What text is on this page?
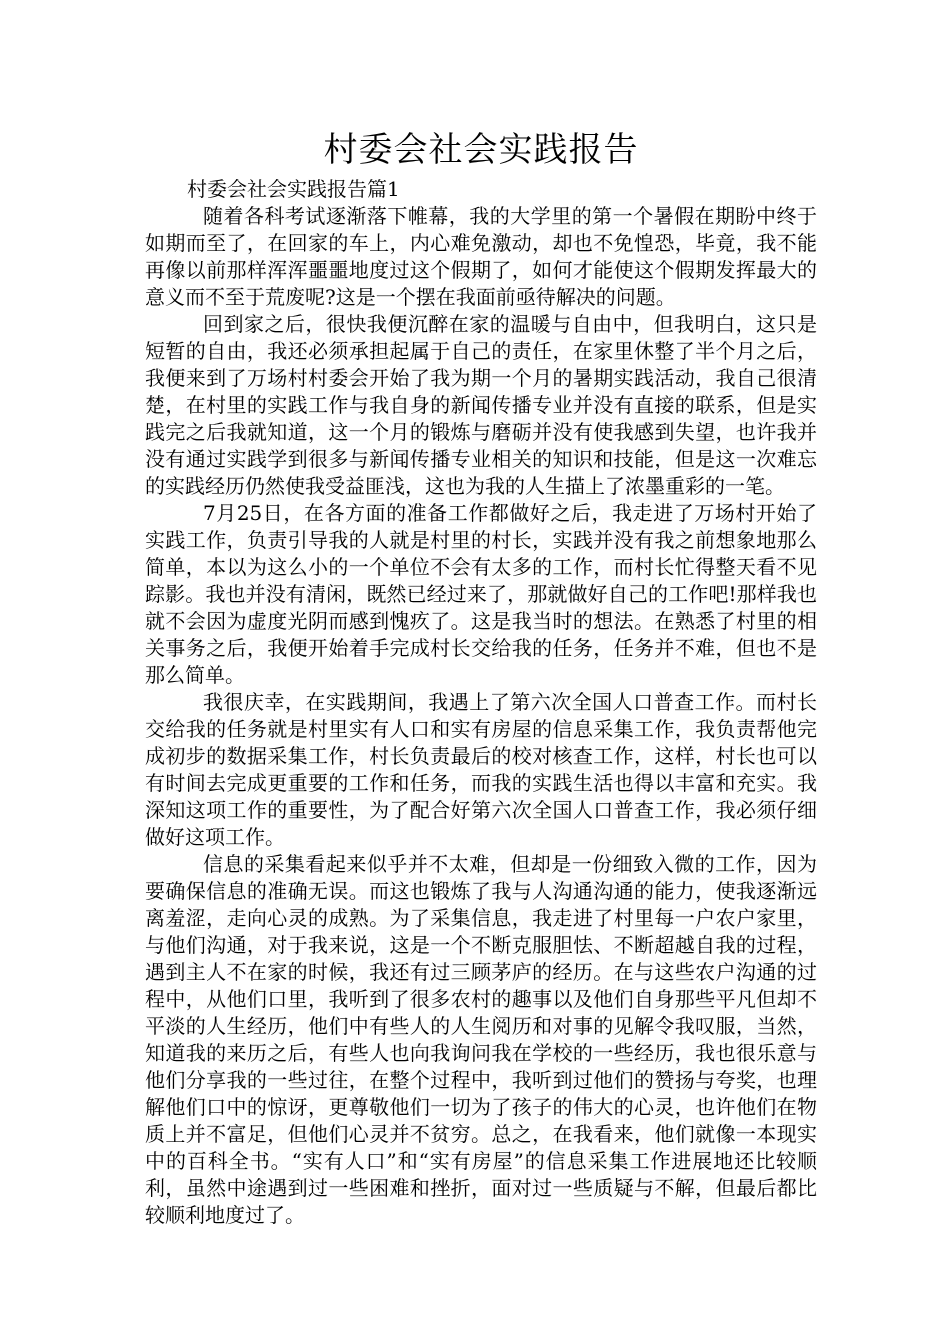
村委会社会实践报告

村委会社会实践报告篇1

随着各科考试逐渐落下帷幕，我的大学里的第一个暑假在期盼中终于如期而至了，在回家的车上，内心难免激动，却也不免惶恐，毕竟，我不能再像以前那样浑浑噩噩地度过这个假期了，如何才能使这个假期发挥最大的意义而不至于荒废呢?这是一个摆在我面前亟待解决的问题。

回到家之后，很快我便沉醉在家的温暖与自由中，但我明白，这只是短暂的自由，我还必须承担起属于自己的责任，在家里休整了半个月之后，我便来到了万场村村委会开始了我为期一个月的暑期实践活动，我自己很清楚，在村里的实践工作与我自身的新闻传播专业并没有直接的联系，但是实践完之后我就知道，这一个月的锻炼与磨砺并没有使我感到失望，也许我并没有通过实践学到很多与新闻传播专业相关的知识和技能，但是这一次难忘的实践经历仍然使我受益匪浅，这也为我的人生描上了浓墨重彩的一笔。

7月25日，在各方面的准备工作都做好之后，我走进了万场村开始了实践工作，负责引导我的人就是村里的村长，实践并没有我之前想象地那么简单，本以为这么小的一个单位不会有太多的工作，而村长忙得整天看不见踪影。我也并没有清闲，既然已经过来了，那就做好自己的工作吧!那样我也就不会因为虚度光阴而感到愧疚了。这是我当时的想法。在熟悉了村里的相关事务之后，我便开始着手完成村长交给我的任务，任务并不难，但也不是那么简单。

我很庆幸，在实践期间，我遇上了第六次全国人口普查工作。而村长交给我的任务就是村里实有人口和实有房屋的信息采集工作，我负责帮他完成初步的数据采集工作，村长负责最后的校对核查工作，这样，村长也可以有时间去完成更重要的工作和任务，而我的实践生活也得以丰富和充实。我深知这项工作的重要性，为了配合好第六次全国人口普查工作，我必须仔细做好这项工作。

信息的采集看起来似乎并不太难，但却是一份细致入微的工作，因为要确保信息的准确无误。而这也锻炼了我与人沟通沟通的能力，使我逐渐远离羞涩，走向心灵的成熟。为了采集信息，我走进了村里每一户农户家里，与他们沟通，对于我来说，这是一个不断克服胆怯、不断超越自我的过程，遇到主人不在家的时候，我还有过三顾茅庐的经历。在与这些农户沟通的过程中，从他们口里，我听到了很多农村的趣事以及他们自身那些平凡但却不平淡的人生经历，他们中有些人的人生阅历和对事的见解令我叹服，当然，知道我的来历之后，有些人也向我询问我在学校的一些经历，我也很乐意与他们分享我的一些过往，在整个过程中，我听到过他们的赞扬与夸奖，也理解他们口中的惊讶，更尊敬他们一切为了孩子的伟大的心灵，也许他们在物质上并不富足，但他们心灵并不贫穷。总之，在我看来，他们就像一本现实中的百科全书。“实有人口”和“实有房屋”的信息采集工作进展地还比较顺利，虽然中途遇到过一些困难和挫折，面对过一些质疑与不解，但最后都比较顺利地度过了。
